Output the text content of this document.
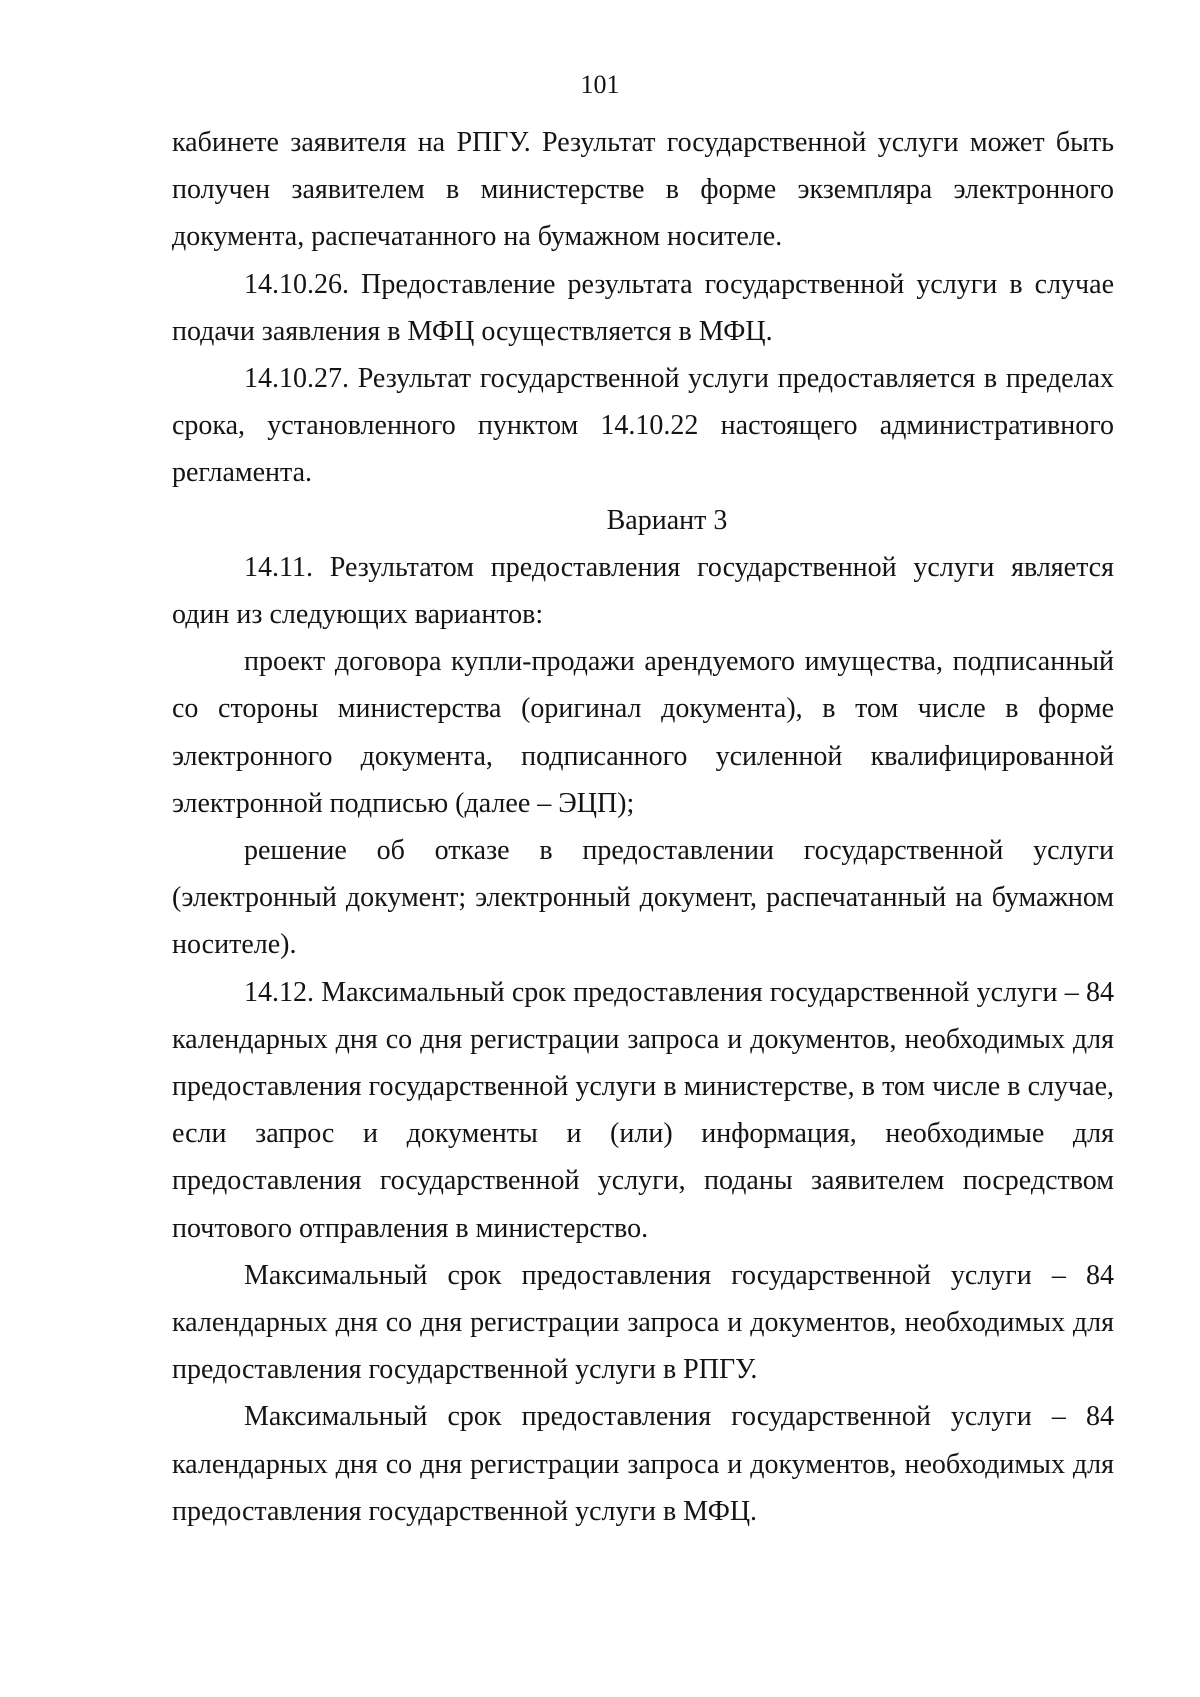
101

кабинете заявителя на РПГУ. Результат государственной услуги может быть получен заявителем в министерстве в форме экземпляра электронного документа, распечатанного на бумажном носителе.

14.10.26. Предоставление результата государственной услуги в случае подачи заявления в МФЦ осуществляется в МФЦ.

14.10.27. Результат государственной услуги предоставляется в пределах срока, установленного пунктом 14.10.22 настоящего административного регламента.

Вариант 3

14.11. Результатом предоставления государственной услуги является один из следующих вариантов:

проект договора купли-продажи арендуемого имущества, подписанный со стороны министерства (оригинал документа), в том числе в форме электронного документа, подписанного усиленной квалифицированной электронной подписью (далее – ЭЦП);

решение об отказе в предоставлении государственной услуги (электронный документ; электронный документ, распечатанный на бумажном носителе).

14.12. Максимальный срок предоставления государственной услуги – 84 календарных дня со дня регистрации запроса и документов, необходимых для предоставления государственной услуги в министерстве, в том числе в случае, если запрос и документы и (или) информация, необходимые для предоставления государственной услуги, поданы заявителем посредством почтового отправления в министерство.

Максимальный срок предоставления государственной услуги – 84 календарных дня со дня регистрации запроса и документов, необходимых для предоставления государственной услуги в РПГУ.

Максимальный срок предоставления государственной услуги – 84 календарных дня со дня регистрации запроса и документов, необходимых для предоставления государственной услуги в МФЦ.
